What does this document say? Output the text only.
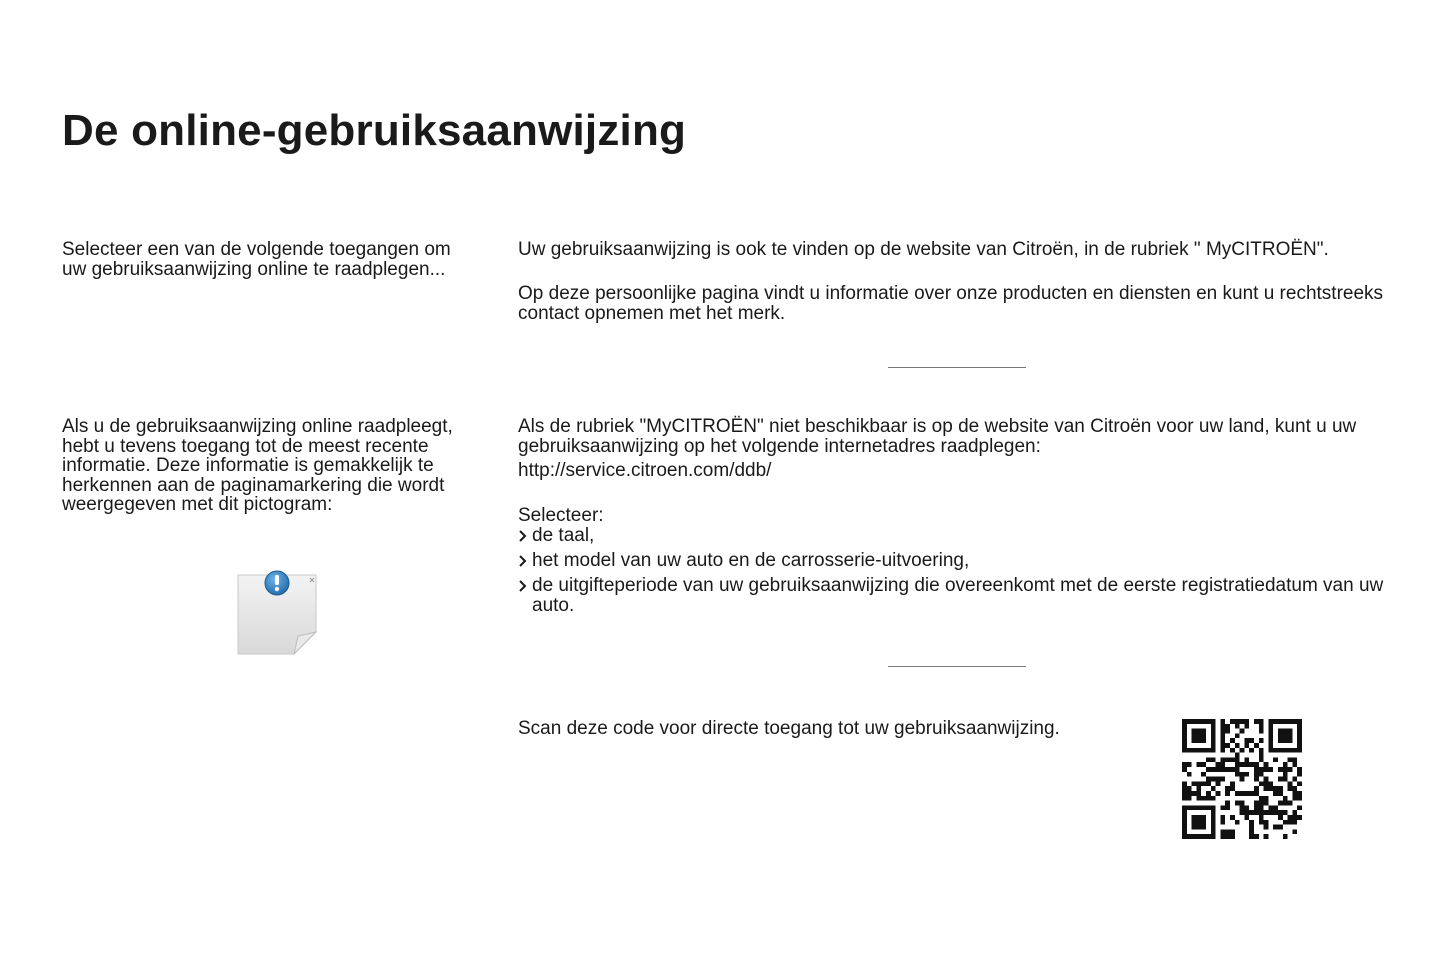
De online-gebruiksaanwijzing

Selecteer een van de volgende toegangen om uw gebruiksaanwijzing online te raadplegen...

Uw gebruiksaanwijzing is ook te vinden op de website van Citroën, in de rubriek " MyCITROËN".

Op deze persoonlijke pagina vindt u informatie over onze producten en diensten en kunt u rechtstreeks contact opnemen met het merk.

Als u de gebruiksaanwijzing online raadpleegt, hebt u tevens toegang tot de meest recente informatie. Deze informatie is gemakkelijk te herkennen aan de paginamarkering die wordt weergegeven met dit pictogram:

Als de rubriek "MyCITROËN" niet beschikbaar is op de website van Citroën voor uw land, kunt u uw gebruiksaanwijzing op het volgende internetadres raadplegen:

http://service.citroen.com/ddb/

Selecteer:

de taal,
het model van uw auto en de carrosserie-uitvoering,
de uitgifteperiode van uw gebruiksaanwijzing die overeenkomt met de eerste registratiedatum van uw auto.

Scan deze code voor directe toegang tot uw gebruiksaanwijzing.
